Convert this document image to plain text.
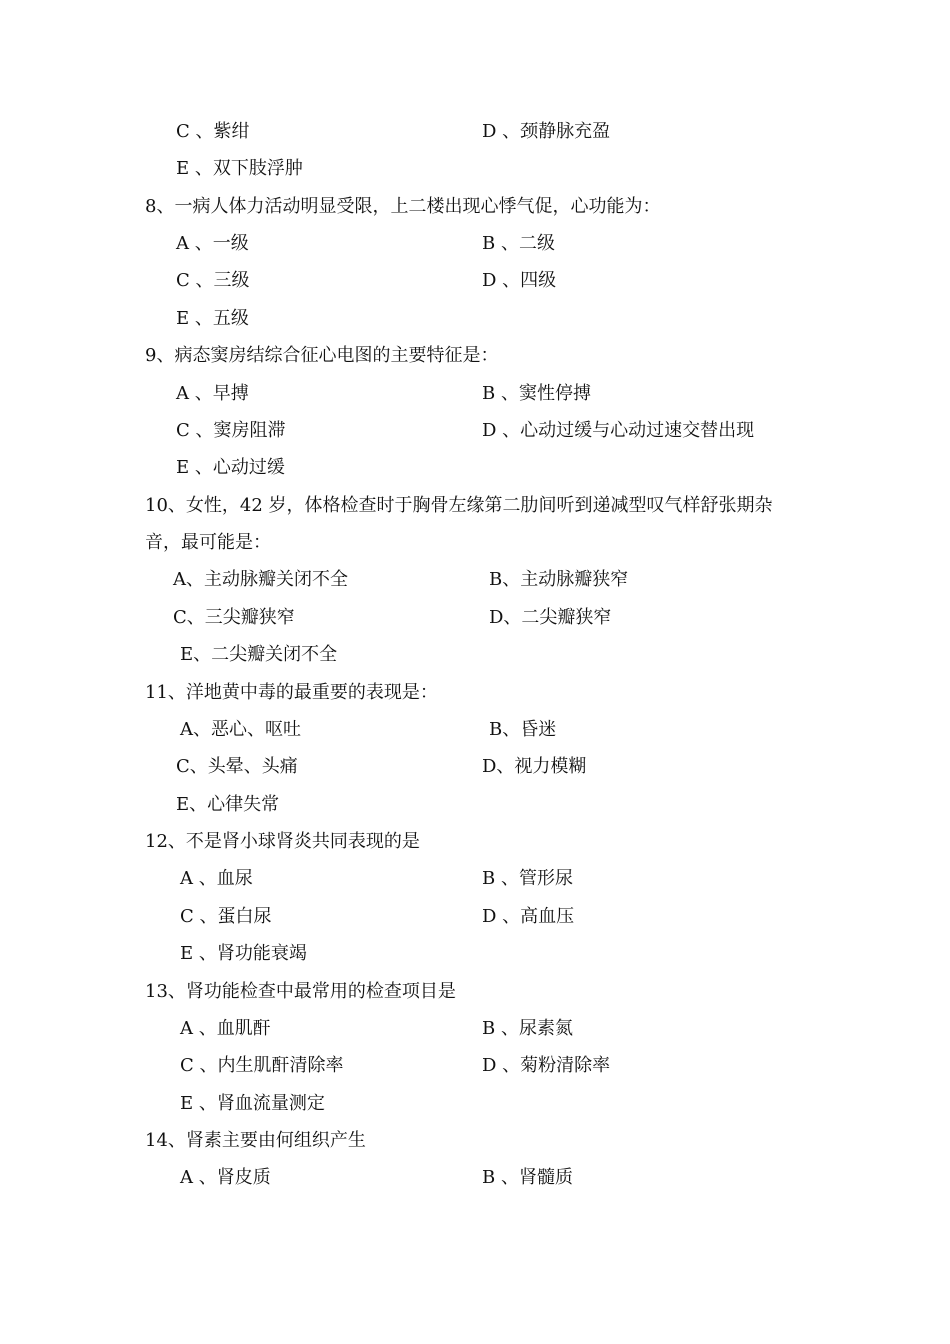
C 、紫绀	D 、颈静脉充盈
E 、双下肢浮肿
8、一病人体力活动明显受限，上二楼出现心悸气促，心功能为：
A 、一级	B 、二级
C 、三级	D 、四级
E 、五级
9、病态窦房结综合征心电图的主要特征是：
A 、早搏	B 、窦性停搏
C 、窦房阻滞	D 、心动过缓与心动过速交替出现
E 、心动过缓
10、女性，42 岁，体格检查时于胸骨左缘第二肋间听到递减型叹气样舒张期杂
音，最可能是：
A、主动脉瓣关闭不全	B、主动脉瓣狭窄
C、三尖瓣狭窄	D、二尖瓣狭窄
E、二尖瓣关闭不全
11、洋地黄中毒的最重要的表现是：
A、恶心、呕吐	B、昏迷
C、头晕、头痛	D、视力模糊
E、心律失常
12、不是肾小球肾炎共同表现的是
A 、血尿	B 、管形尿
C 、蛋白尿	D 、高血压
E 、肾功能衰竭
13、肾功能检查中最常用的检查项目是
A 、血肌酐	B 、尿素氮
C 、内生肌酐清除率	D 、菊粉清除率
E 、肾血流量测定
14、肾素主要由何组织产生
A 、肾皮质	B 、肾髓质
